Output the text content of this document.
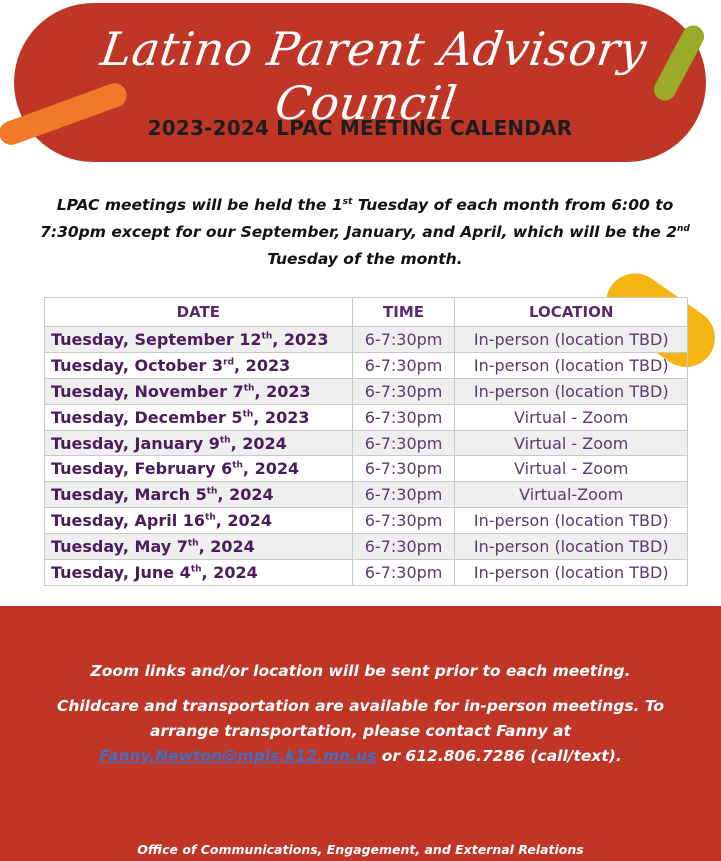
Latino Parent Advisory Council
2023-2024 LPAC MEETING CALENDAR

LPAC meetings will be held the 1st Tuesday of each month from 6:00 to 7:30pm except for our September, January, and April, which will be the 2nd Tuesday of the month.

DATE	TIME	LOCATION
Tuesday, September 12th, 2023	6-7:30pm	In-person (location TBD)
Tuesday, October 3rd, 2023	6-7:30pm	In-person (location TBD)
Tuesday, November 7th, 2023	6-7:30pm	In-person (location TBD)
Tuesday, December 5th, 2023	6-7:30pm	Virtual - Zoom
Tuesday, January 9th, 2024	6-7:30pm	Virtual - Zoom
Tuesday, February 6th, 2024	6-7:30pm	Virtual - Zoom
Tuesday, March 5th, 2024	6-7:30pm	Virtual-Zoom
Tuesday, April 16th, 2024	6-7:30pm	In-person (location TBD)
Tuesday, May 7th, 2024	6-7:30pm	In-person (location TBD)
Tuesday, June 4th, 2024	6-7:30pm	In-person (location TBD)

Zoom links and/or location will be sent prior to each meeting.

Childcare and transportation are available for in-person meetings. To arrange transportation, please contact Fanny at Fanny.Newton@mpls.k12.mn.us or 612.806.7286 (call/text).

Office of Communications, Engagement, and External Relations
